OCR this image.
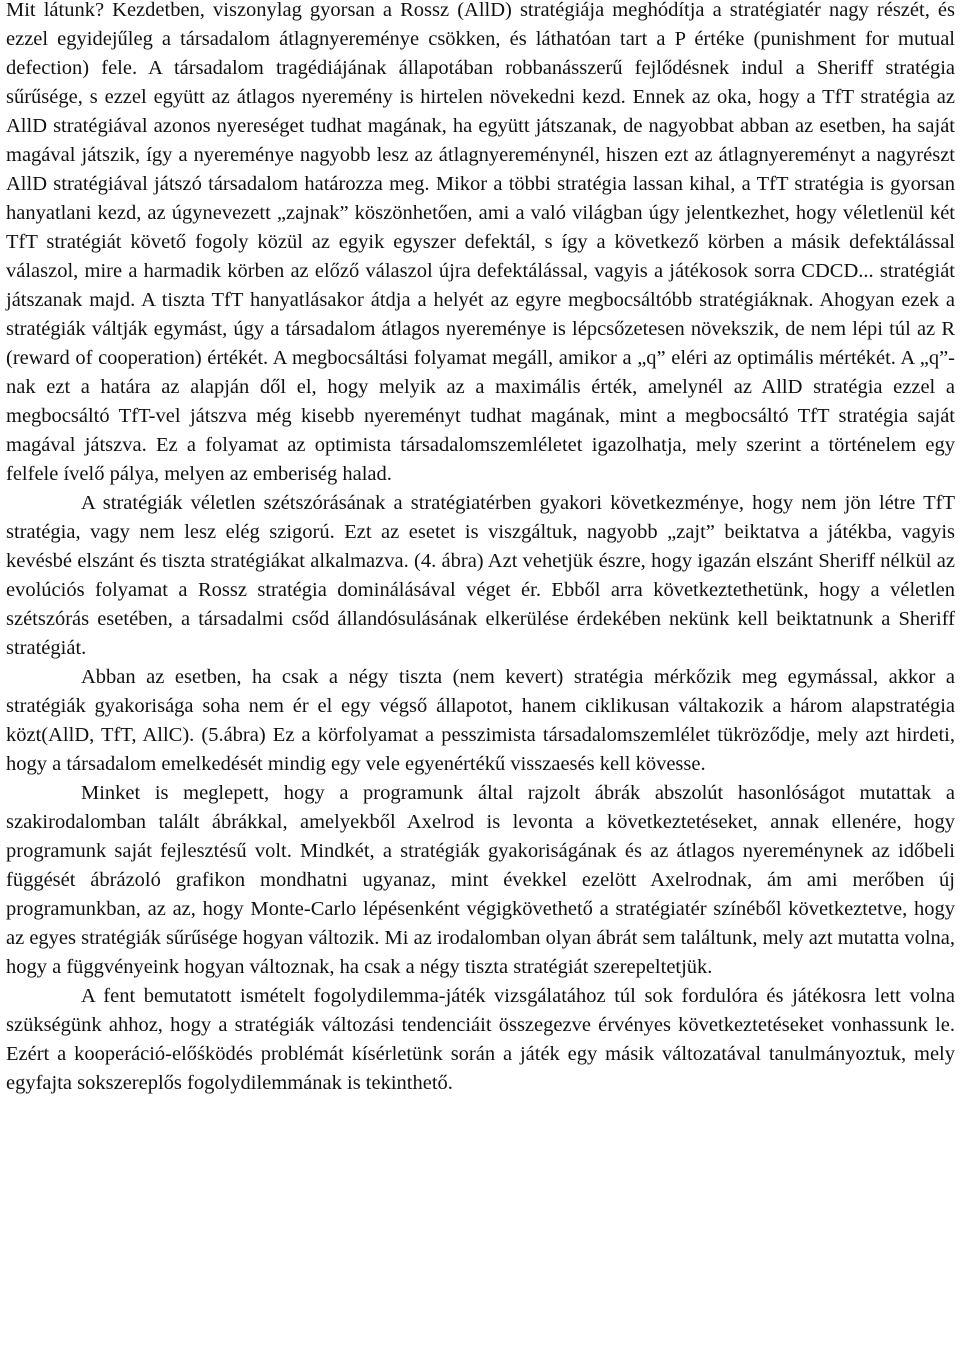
Mit látunk? Kezdetben, viszonylag gyorsan a Rossz (AllD) stratégiája meghódítja a stratégiatér nagy részét, és ezzel egyidejűleg a társadalom átlagnyereménye csökken, és láthatóan tart a P értéke (punishment for mutual defection) fele. A társadalom tragédiájának állapotában robbanásszerű fejlődésnek indul a Sheriff stratégia sűrűsége, s ezzel együtt az átlagos nyeremény is hirtelen növekedni kezd. Ennek az oka, hogy a TfT stratégia az AllD stratégiával azonos nyereséget tudhat magának, ha együtt játszanak, de nagyobbat abban az esetben, ha saját magával játszik, így a nyereménye nagyobb lesz az átlagnyereménynél, hiszen ezt az átlagnyereményt a nagyrészt AllD stratégiával játszó társadalom határozza meg. Mikor a többi stratégia lassan kihal, a TfT stratégia is gyorsan hanyatlani kezd, az úgynevezett „zajnak” köszönhetően, ami a való világban úgy jelentkezhet, hogy véletlenül két TfT stratégiát követő fogoly közül az egyik egyszer defektál, s így a következő körben a másik defektálással válaszol, mire a harmadik körben az előző válaszol újra defektálással, vagyis a játékosok sorra CDCD... stratégiát játszanak majd. A tiszta TfT hanyatlásakor átdja a helyét az egyre megbocsáltóbb stratégiáknak. Ahogyan ezek a stratégiák váltják egymást, úgy a társadalom átlagos nyereménye is lépcsőzetesen növekszik, de nem lépi túl az R (reward of cooperation) értékét. A megbocsáltási folyamat megáll, amikor a „q” eléri az optimális mértékét. A „q”-nak ezt a határa az alapján dől el, hogy melyik az a maximális érték, amelynél az AllD stratégia ezzel a megbocsáltó TfT-vel játszva még kisebb nyereményt tudhat magának, mint a megbocsáltó TfT stratégia saját magával játszva. Ez a folyamat az optimista társadalomszemléletet igazolhatja, mely szerint a történelem egy felfele ívelő pálya, melyen az emberiség halad.

A stratégiák véletlen szétszórásának a stratégiatérben gyakori következménye, hogy nem jön létre TfT stratégia, vagy nem lesz elég szigorú. Ezt az esetet is viszgáltuk, nagyobb „zajt” beiktatva a játékba, vagyis kevésbé elszánt és tiszta stratégiákat alkalmazva. (4. ábra) Azt vehetjük észre, hogy igazán elszánt Sheriff nélkül az evolúciós folyamat a Rossz stratégia dominálásával véget ér. Ebből arra következtethetünk, hogy a véletlen szétszórás esetében, a társadalmi csőd állandósulásának elkerülése érdekében nekünk kell beiktatnunk a Sheriff stratégiát.

Abban az esetben, ha csak a négy tiszta (nem kevert) stratégia mérkőzik meg egymással, akkor a stratégiák gyakorisága soha nem ér el egy végső állapotot, hanem ciklikusan váltakozik a három alapstratégia közt(AllD, TfT, AllC). (5.ábra) Ez a körfolyamat a pesszimista társadalomszemlélet tükröződje, mely azt hirdeti, hogy a társadalom emelkedését mindig egy vele egyenértékű visszaesés kell kövesse.

Minket is meglepett, hogy a programunk által rajzolt ábrák abszolút hasonlóságot mutattak a szakirodalomban talált ábrákkal, amelyekből Axelrod is levonta a következtetéseket, annak ellenére, hogy programunk saját fejlesztésű volt. Mindkét, a stratégiák gyakoriságának és az átlagos nyereménynek az időbeli függését ábrázoló grafikon mondhatni ugyanaz, mint évekkel ezelött Axelrodnak, ám ami merőben új programunkban, az az, hogy Monte-Carlo lépésenként végigkövethető a stratégiatér színéből következtetve, hogy az egyes stratégiák sűrűsége hogyan változik. Mi az irodalomban olyan ábrát sem találtunk, mely azt mutatta volna, hogy a függvényeink hogyan változnak, ha csak a négy tiszta stratégiát szerepeltetjük.

A fent bemutatott ismételt fogolydilemma-játék vizsgálatához túl sok fordulóra és játékosra lett volna szükségünk ahhoz, hogy a stratégiák változási tendenciáit összegezve érvényes következtetéseket vonhassunk le. Ezért a kooperáció-előśködés problémát kísérletünk során a játék egy másik változatával tanulmányoztuk, mely egyfajta sokszereplős fogolydilemmának is tekinthető.
